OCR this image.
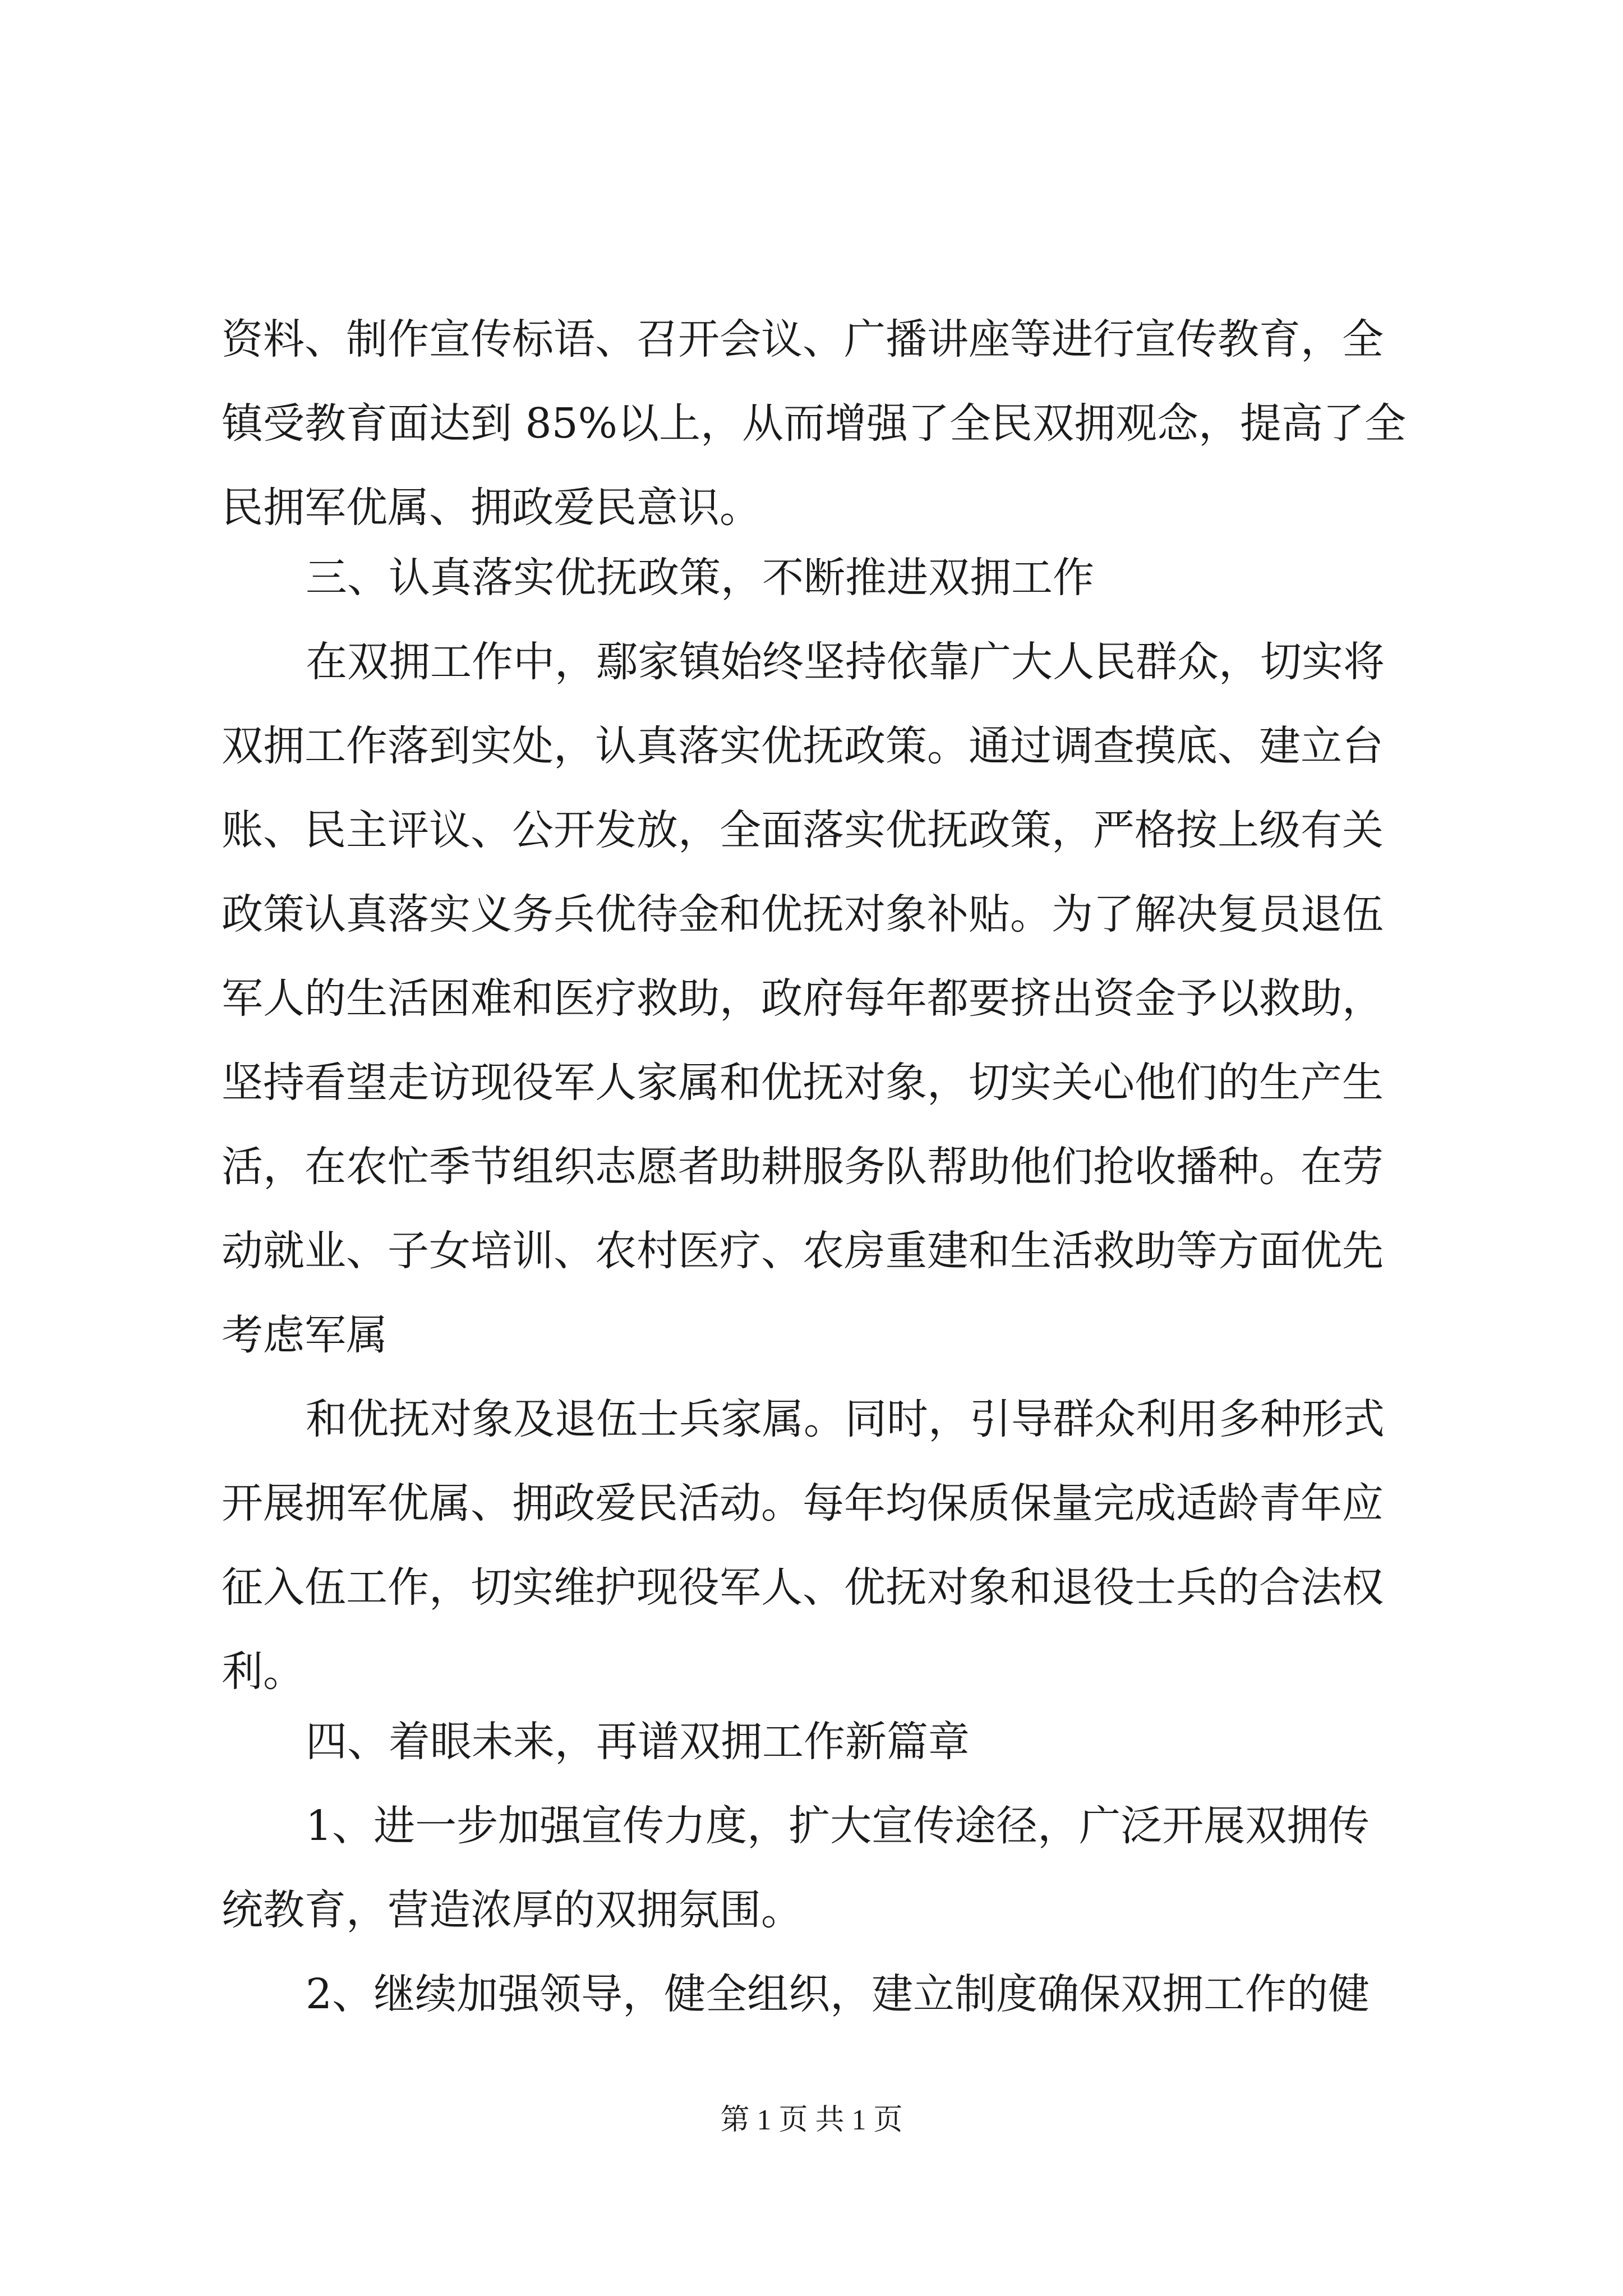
资料、制作宣传标语、召开会议、广播讲座等进行宣传教育，全
镇受教育面达到 85%以上，从而增强了全民双拥观念，提高了全
民拥军优属、拥政爱民意识。
三、认真落实优抚政策，不断推进双拥工作
在双拥工作中，鄢家镇始终坚持依靠广大人民群众，切实将
双拥工作落到实处，认真落实优抚政策。通过调查摸底、建立台
账、民主评议、公开发放，全面落实优抚政策，严格按上级有关
政策认真落实义务兵优待金和优抚对象补贴。为了解决复员退伍
军人的生活困难和医疗救助，政府每年都要挤出资金予以救助，
坚持看望走访现役军人家属和优抚对象，切实关心他们的生产生
活，在农忙季节组织志愿者助耕服务队帮助他们抢收播种。在劳
动就业、子女培训、农村医疗、农房重建和生活救助等方面优先
考虑军属
和优抚对象及退伍士兵家属。同时，引导群众利用多种形式
开展拥军优属、拥政爱民活动。每年均保质保量完成适龄青年应
征入伍工作，切实维护现役军人、优抚对象和退役士兵的合法权
利。
四、着眼未来，再谱双拥工作新篇章
1、进一步加强宣传力度，扩大宣传途径，广泛开展双拥传
统教育，营造浓厚的双拥氛围。
2、继续加强领导，健全组织，建立制度确保双拥工作的健
第 1 页 共 1 页
